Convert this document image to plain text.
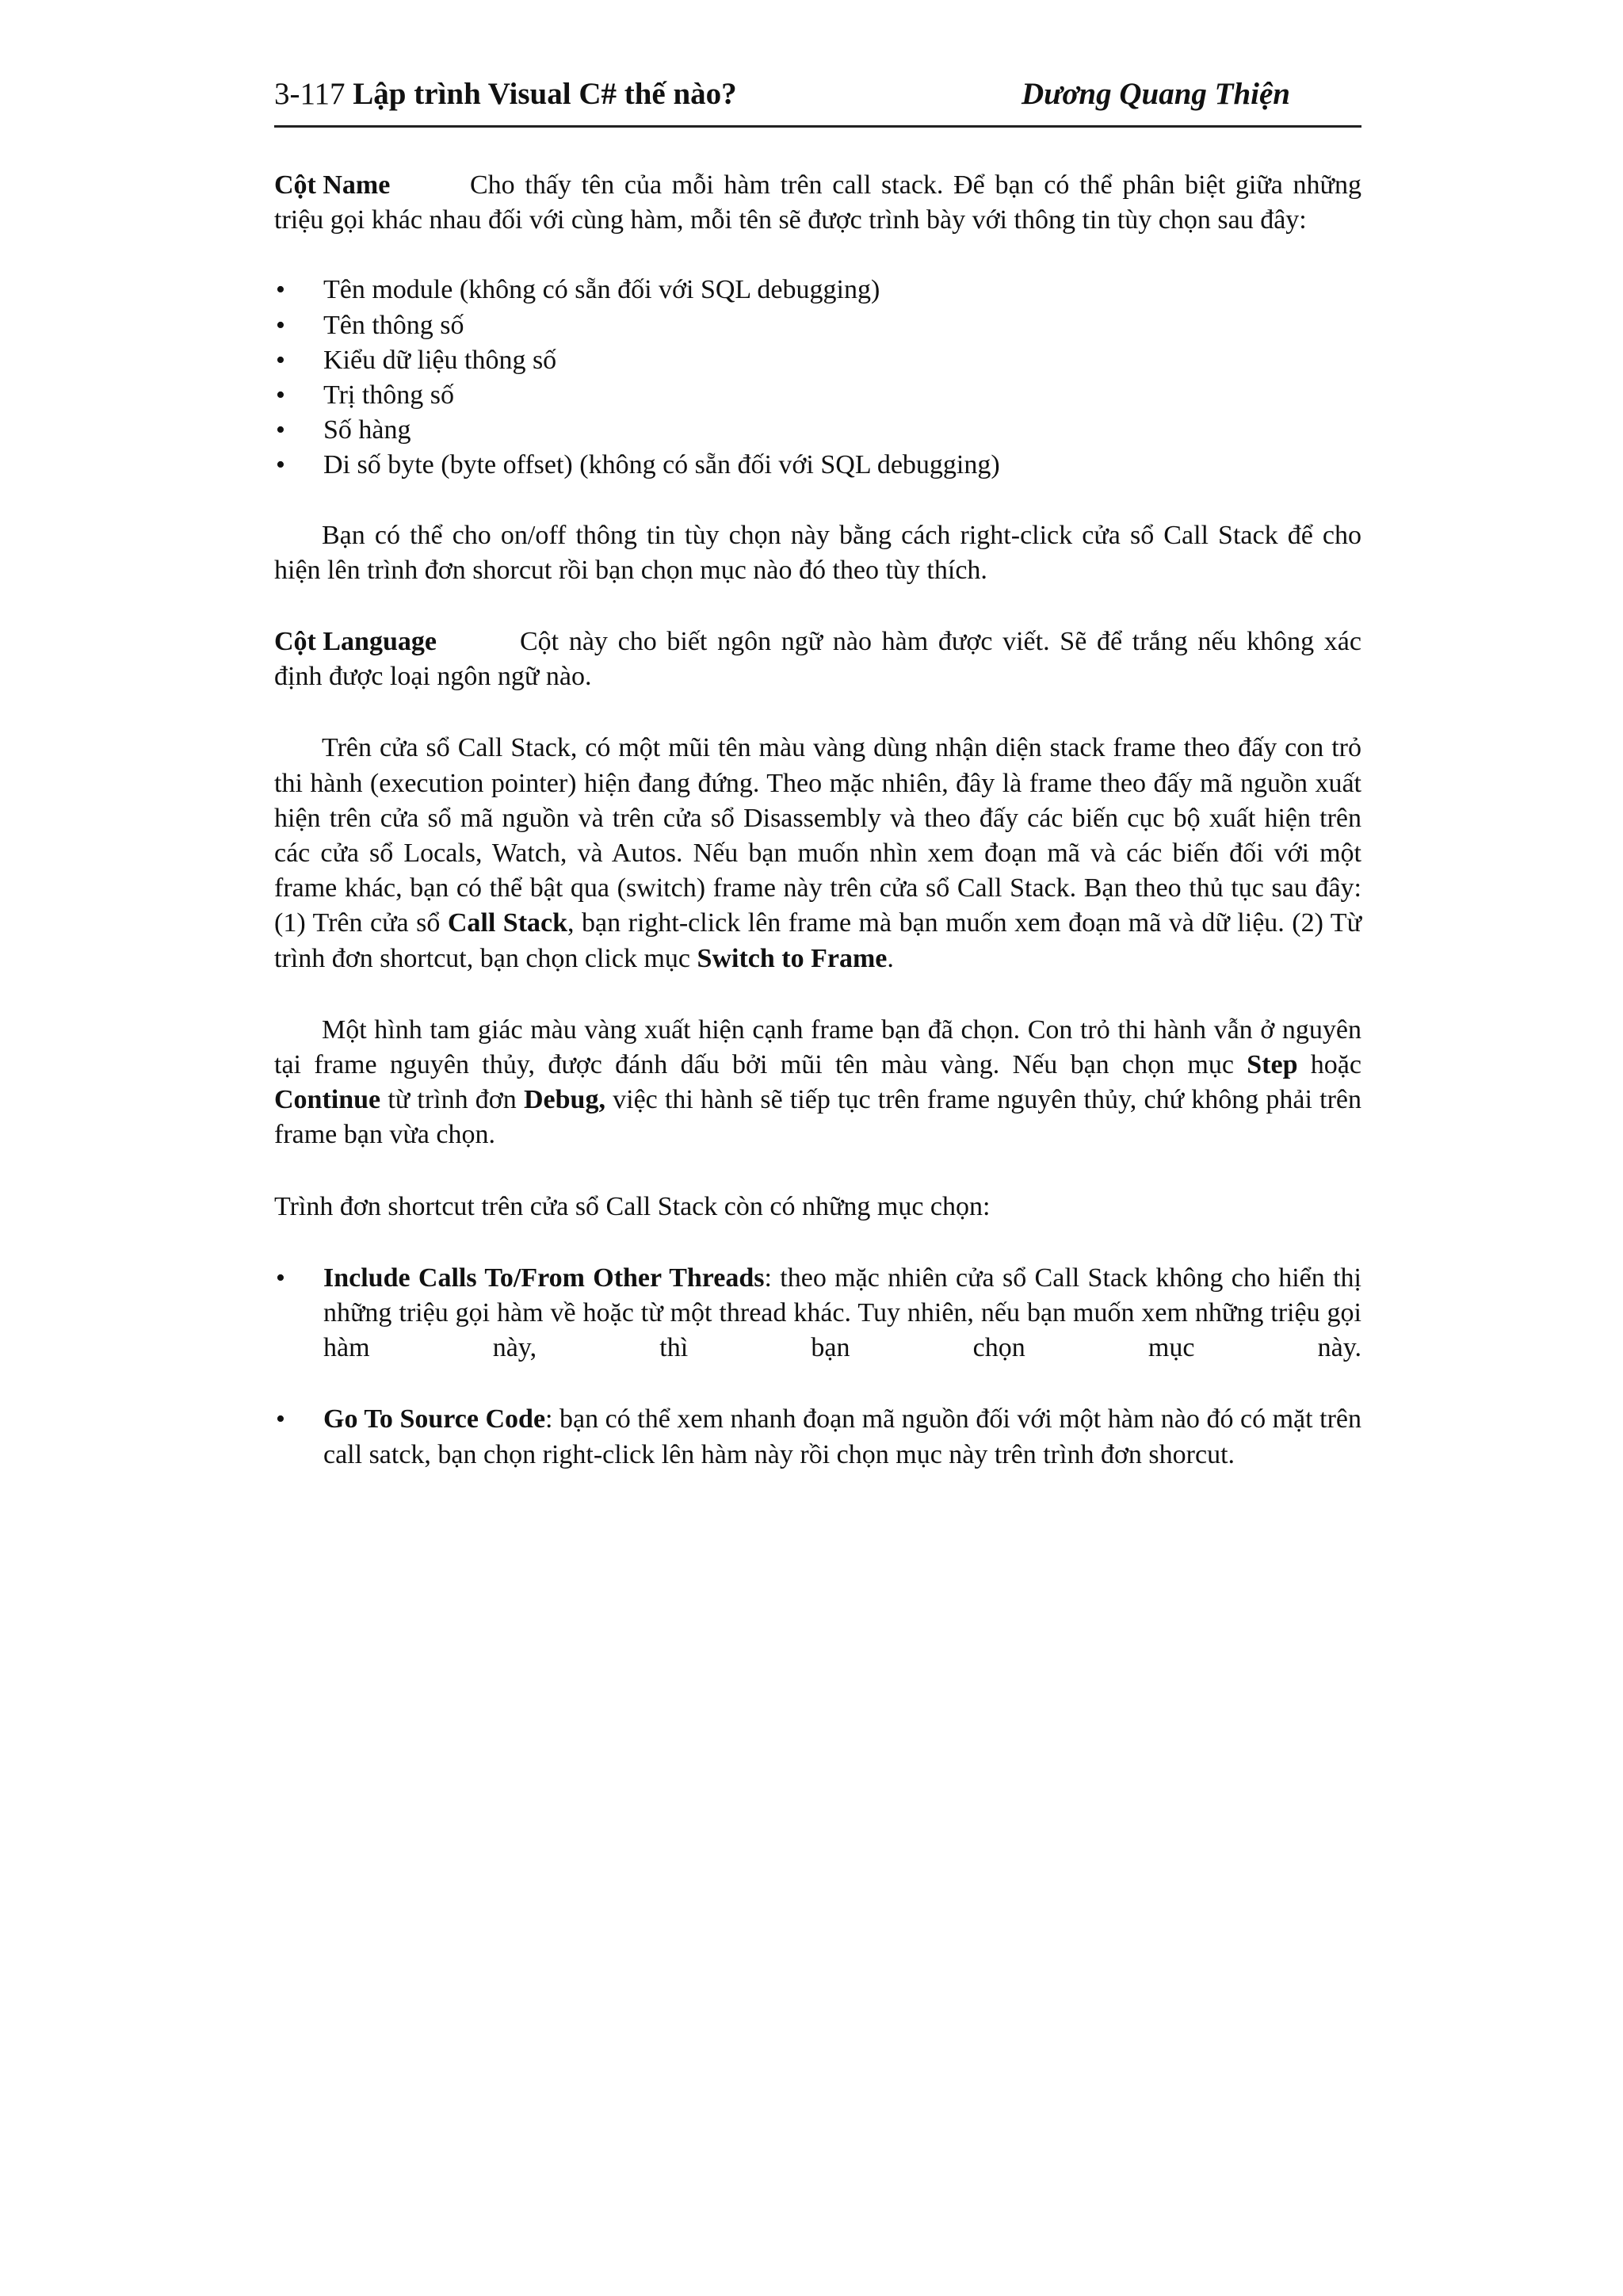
3-117 Lập trình Visual C# thế nào?	Dương Quang Thiện

Cột Name	Cho thấy tên của mỗi hàm trên call stack. Để bạn có thể phân biệt giữa những triệu gọi khác nhau đối với cùng hàm, mỗi tên sẽ được trình bày với thông tin tùy chọn sau đây:

• Tên module (không có sẵn đối với SQL debugging)
• Tên thông số
• Kiểu dữ liệu thông số
• Trị thông số
• Số hàng
• Di số byte (byte offset) (không có sẵn đối với SQL debugging)

Bạn có thể cho on/off thông tin tùy chọn này bằng cách right-click cửa sổ Call Stack để cho hiện lên trình đơn shorcut rồi bạn chọn mục nào đó theo tùy thích.

Cột Language	Cột này cho biết ngôn ngữ nào hàm được viết. Sẽ để trắng nếu không xác định được loại ngôn ngữ nào.

Trên cửa sổ Call Stack, có một mũi tên màu vàng dùng nhận diện stack frame theo đấy con trỏ thi hành (execution pointer) hiện đang đứng. Theo mặc nhiên, đây là frame theo đấy mã nguồn xuất hiện trên cửa sổ mã nguồn và trên cửa sổ Disassembly và theo đấy các biến cục bộ xuất hiện trên các cửa sổ Locals, Watch, và Autos. Nếu bạn muốn nhìn xem đoạn mã và các biến đối với một frame khác, bạn có thể bật qua (switch) frame này trên cửa sổ Call Stack. Bạn theo thủ tục sau đây: (1) Trên cửa sổ Call Stack, bạn right-click lên frame mà bạn muốn xem đoạn mã và dữ liệu. (2) Từ trình đơn shortcut, bạn chọn click mục Switch to Frame.

Một hình tam giác màu vàng xuất hiện cạnh frame bạn đã chọn. Con trỏ thi hành vẫn ở nguyên tại frame nguyên thủy, được đánh dấu bởi mũi tên màu vàng. Nếu bạn chọn mục Step hoặc Continue từ trình đơn Debug, việc thi hành sẽ tiếp tục trên frame nguyên thủy, chứ không phải trên frame bạn vừa chọn.

Trình đơn shortcut trên cửa sổ Call Stack còn có những mục chọn:

• Include Calls To/From Other Threads: theo mặc nhiên cửa sổ Call Stack không cho hiển thị những triệu gọi hàm về hoặc từ một thread khác. Tuy nhiên, nếu bạn muốn xem những triệu gọi hàm này, thì bạn chọn mục này.
• Go To Source Code: bạn có thể xem nhanh đoạn mã nguồn đối với một hàm nào đó có mặt trên call satck, bạn chọn right-click lên hàm này rồi chọn mục này trên trình đơn shorcut.
